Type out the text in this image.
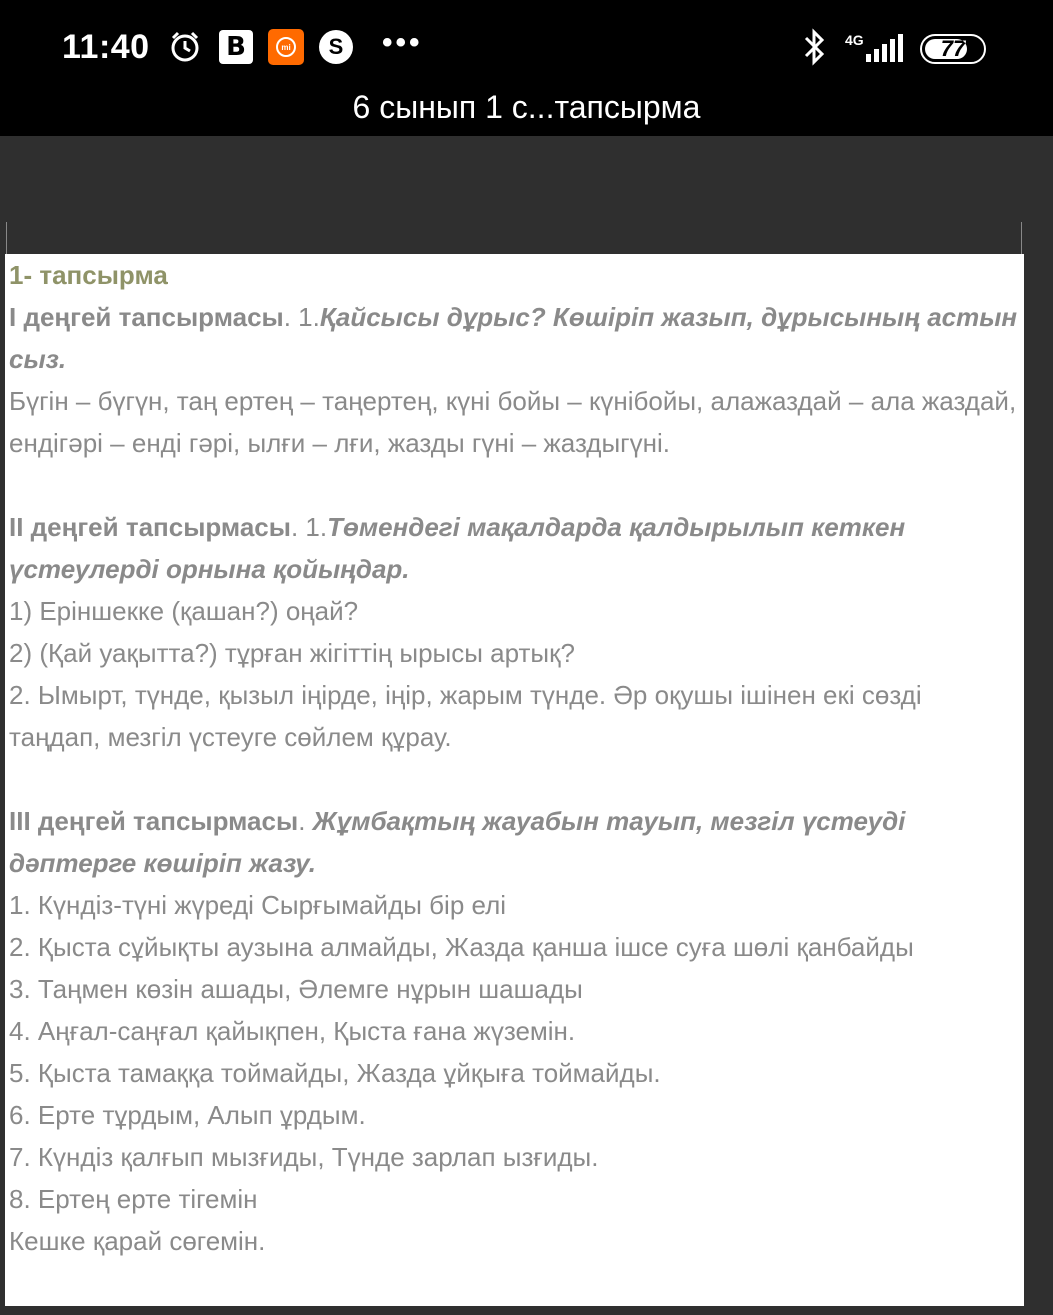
11:40	B	mi	S	•••	4G	77
6 сынып 1 с...тапсырма

1- тапсырма

І деңгей тапсырмасы. 1.Қайсысы дұрыс? Көшіріп жазып, дұрысының астын сыз.

Бүгін – бүгүн, таң ертең – таңертең, күні бойы – күнібойы, алажаздай – ала жаздай, ендігәрі – енді гәрі, ылғи – лғи, жазды гүні – жаздыгүні.

ІІ деңгей тапсырмасы. 1.Төмендегі мақалдарда қалдырылып кеткен үстеулерді орнына қойыңдар.

1) Еріншекке (қашан?) оңай?

2) (Қай уақытта?) тұрған жігіттің ырысы артық?

2. Ымырт, түнде, қызыл іңірде, іңір, жарым түнде. Әр оқушы ішінен екі сөзді таңдап, мезгіл үстеуге сөйлем құрау.

ІІІ деңгей тапсырмасы. Жұмбақтың жауабын тауып, мезгіл үстеуді дәптерге көшіріп жазу.

1. Күндіз-түні жүреді Сырғымайды бір елі

2. Қыста сұйықты аузына алмайды, Жазда қанша ішсе суға шөлі қанбайды

3. Таңмен көзін ашады, Әлемге нұрын шашады

4. Аңғал-саңғал қайықпен, Қыста ғана жүземін.

5. Қыста тамаққа тоймайды, Жазда ұйқыға тоймайды.

6. Ерте тұрдым, Алып ұрдым.

7. Күндіз қалғып мызғиды, Түнде зарлап ызғиды.

8. Ертең ерте тігемін

Кешке қарай сөгемін.
